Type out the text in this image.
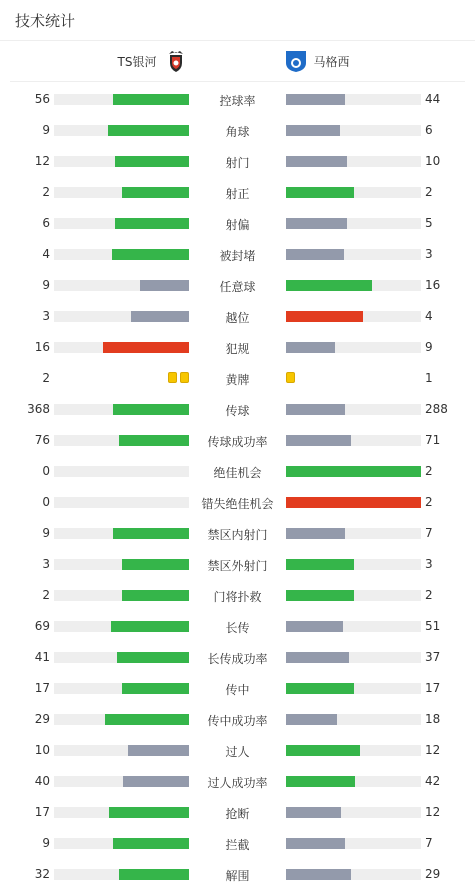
技术统计
TS银河	马格西
56	控球率	44
9	角球	6
12	射门	10
2	射正	2
6	射偏	5
4	被封堵	3
9	任意球	16
3	越位	4
16	犯规	9
2	黄牌	1
368	传球	288
76	传球成功率	71
0	绝佳机会	2
0	错失绝佳机会	2
9	禁区内射门	7
3	禁区外射门	3
2	门将扑救	2
69	长传	51
41	长传成功率	37
17	传中	17
29	传中成功率	18
10	过人	12
40	过人成功率	42
17	抢断	12
9	拦截	7
32	解围	29
